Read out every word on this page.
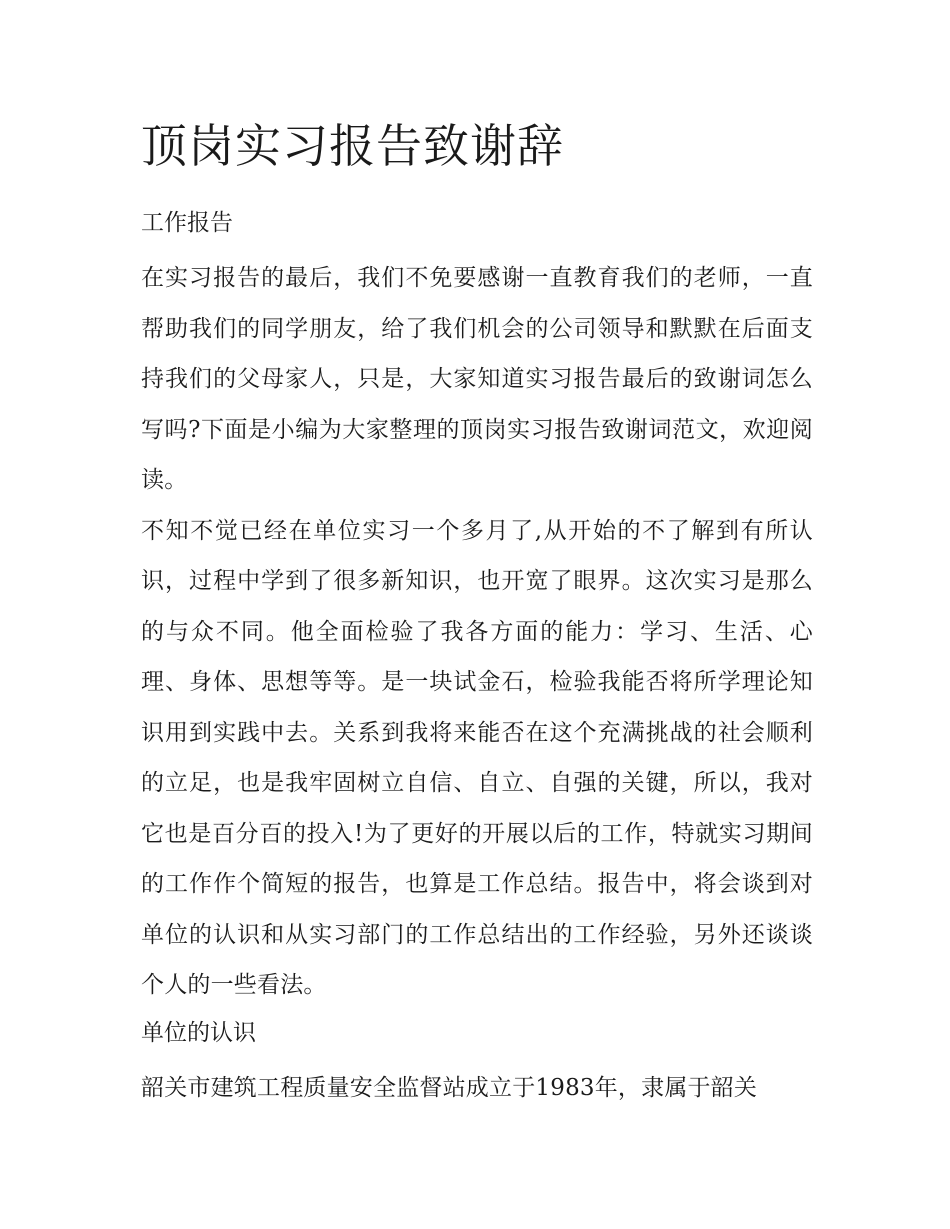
顶岗实习报告致谢辞
工作报告

在实习报告的最后，我们不免要感谢一直教育我们的老师，一直帮助我们的同学朋友，给了我们机会的公司领导和默默在后面支持我们的父母家人，只是，大家知道实习报告最后的致谢词怎么写吗?下面是小编为大家整理的顶岗实习报告致谢词范文，欢迎阅读。

不知不觉已经在单位实习一个多月了,从开始的不了解到有所认识，过程中学到了很多新知识，也开宽了眼界。这次实习是那么的与众不同。他全面检验了我各方面的能力：学习、生活、心理、身体、思想等等。是一块试金石，检验我能否将所学理论知识用到实践中去。关系到我将来能否在这个充满挑战的社会顺利的立足，也是我牢固树立自信、自立、自强的关键，所以，我对它也是百分百的投入!为了更好的开展以后的工作，特就实习期间的工作作个简短的报告，也算是工作总结。报告中，将会谈到对单位的认识和从实习部门的工作总结出的工作经验，另外还谈谈个人的一些看法。

单位的认识

韶关市建筑工程质量安全监督站成立于1983年，隶属于韶关
